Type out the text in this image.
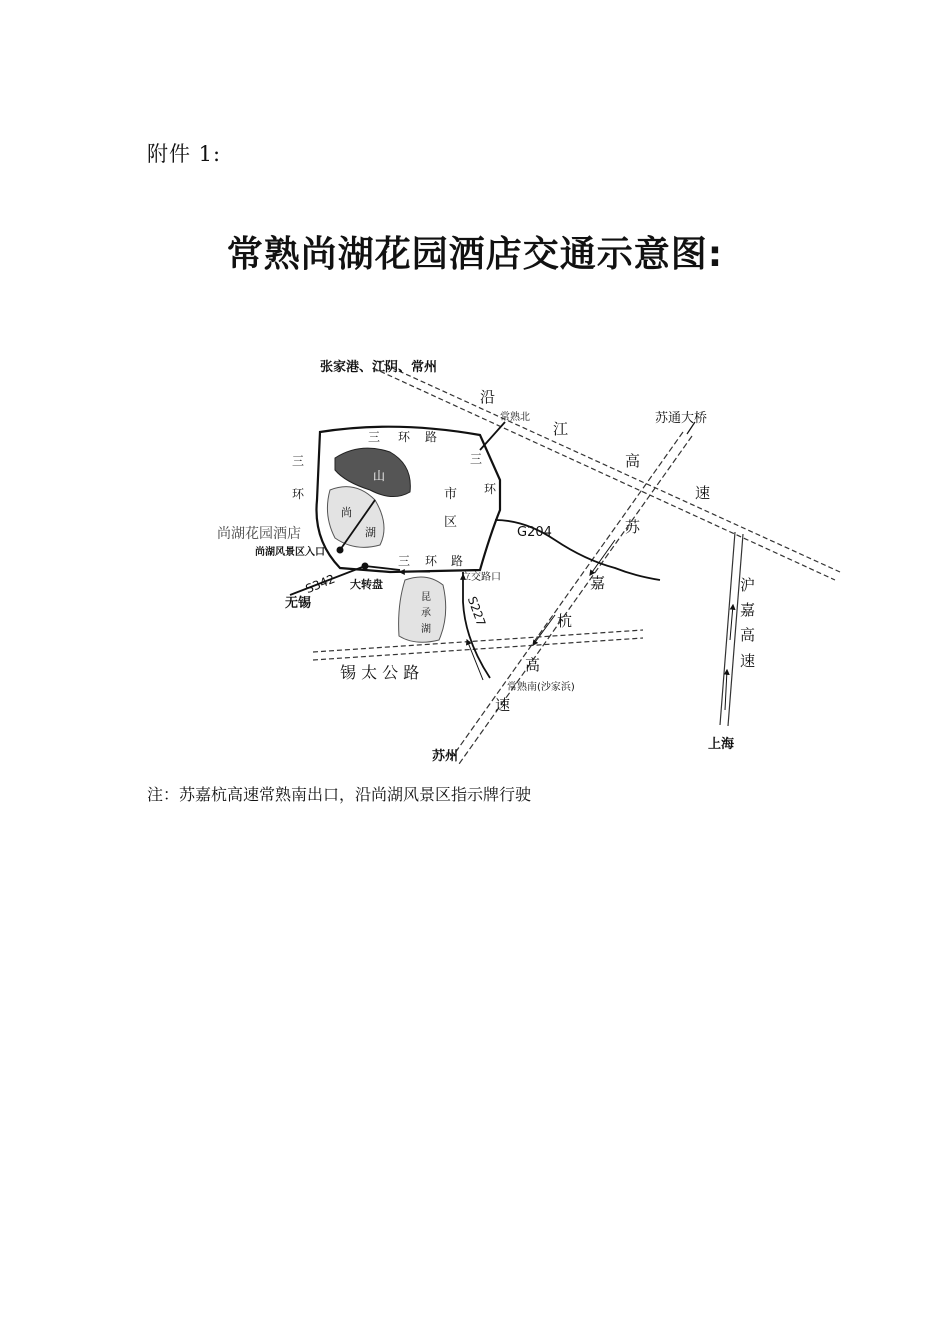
附件 1:
常熟尚湖花园酒店交通示意图:
张家港、江阴、常州
沿
江
高
速
常熟北	苏通大桥
三 环 路
三
环
三
环
三 环 路
山
尚
湖
市
区
尚湖花园酒店
尚湖风景区入口
G204
S342
无锡
大转盘
立交路口
昆
承
湖
S227
苏
嘉
杭
高
速
沪
嘉
高
速
锡 太 公 路
常熟南(沙家浜)
苏州
上海
注：苏嘉杭高速常熟南出口，沿尚湖风景区指示牌行驶
